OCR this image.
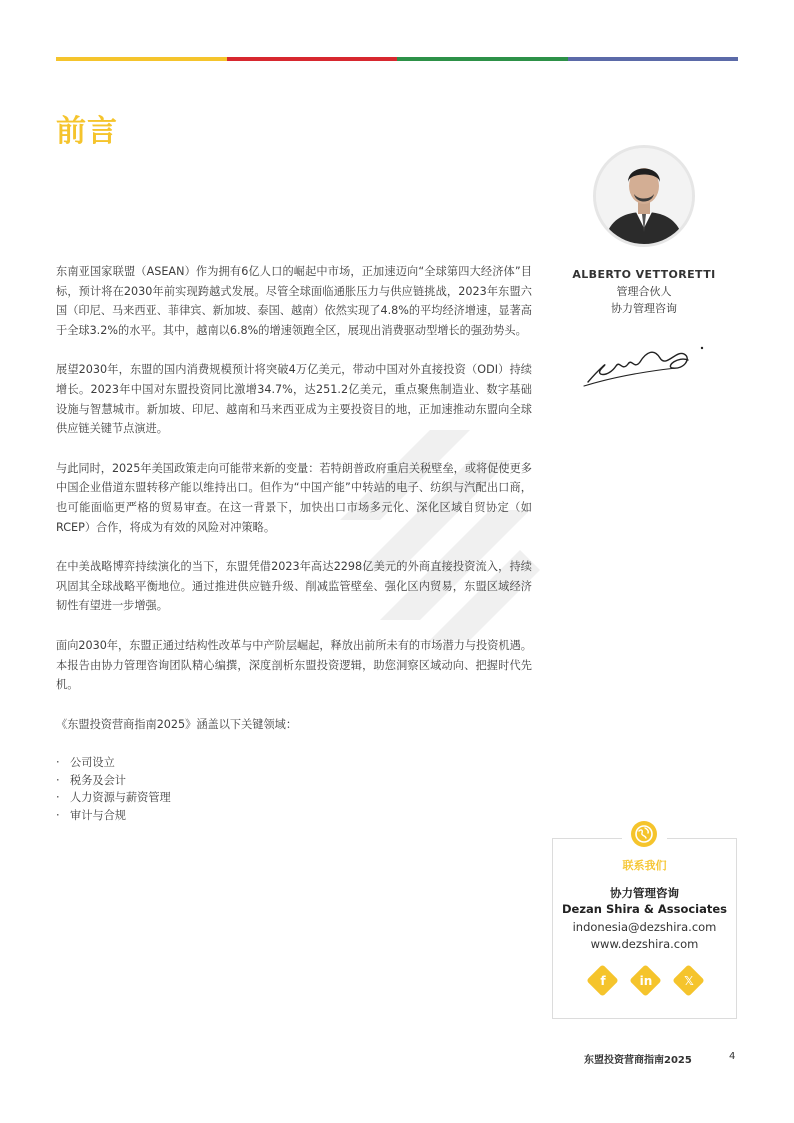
前言

东南亚国家联盟（ASEAN）作为拥有6亿人口的崛起中市场，正加速迈向“全球第四大经济体”目标，预计将在2030年前实现跨越式发展。尽管全球面临通胀压力与供应链挑战，2023年东盟六国（印尼、马来西亚、菲律宾、新加坡、泰国、越南）依然实现了4.8%的平均经济增速，显著高于全球3.2%的水平。其中，越南以6.8%的增速领跑全区，展现出消费驱动型增长的强劲势头。

展望2030年，东盟的国内消费规模预计将突破4万亿美元，带动中国对外直接投资（ODI）持续增长。2023年中国对东盟投资同比激增34.7%，达251.2亿美元，重点聚焦制造业、数字基础设施与智慧城市。新加坡、印尼、越南和马来西亚成为主要投资目的地，正加速推动东盟向全球供应链关键节点演进。

与此同时，2025年美国政策走向可能带来新的变量：若特朗普政府重启关税壁垒，或将促使更多中国企业借道东盟转移产能以维持出口。但作为“中国产能”中转站的电子、纺织与汽配出口商，也可能面临更严格的贸易审查。在这一背景下，加快出口市场多元化、深化区域自贸协定（如RCEP）合作，将成为有效的风险对冲策略。

在中美战略博弈持续演化的当下，东盟凭借2023年高达2298亿美元的外商直接投资流入，持续巩固其全球战略平衡地位。通过推进供应链升级、削减监管壁垒、强化区内贸易，东盟区域经济韧性有望进一步增强。

面向2030年，东盟正通过结构性改革与中产阶层崛起，释放出前所未有的市场潜力与投资机遇。本报告由协力管理咨询团队精心编撰，深度剖析东盟投资逻辑，助您洞察区域动向、把握时代先机。

《东盟投资营商指南2025》涵盖以下关键领域：

· 公司设立
· 税务及会计
· 人力资源与薪资管理
· 审计与合规
ALBERTO VETTORETTI
管理合伙人
协力管理咨询
联系我们
协力管理咨询
Dezan Shira & Associates
indonesia@dezshira.com
www.dezshira.com
f	in	𝕏
东盟投资营商指南2025	4
